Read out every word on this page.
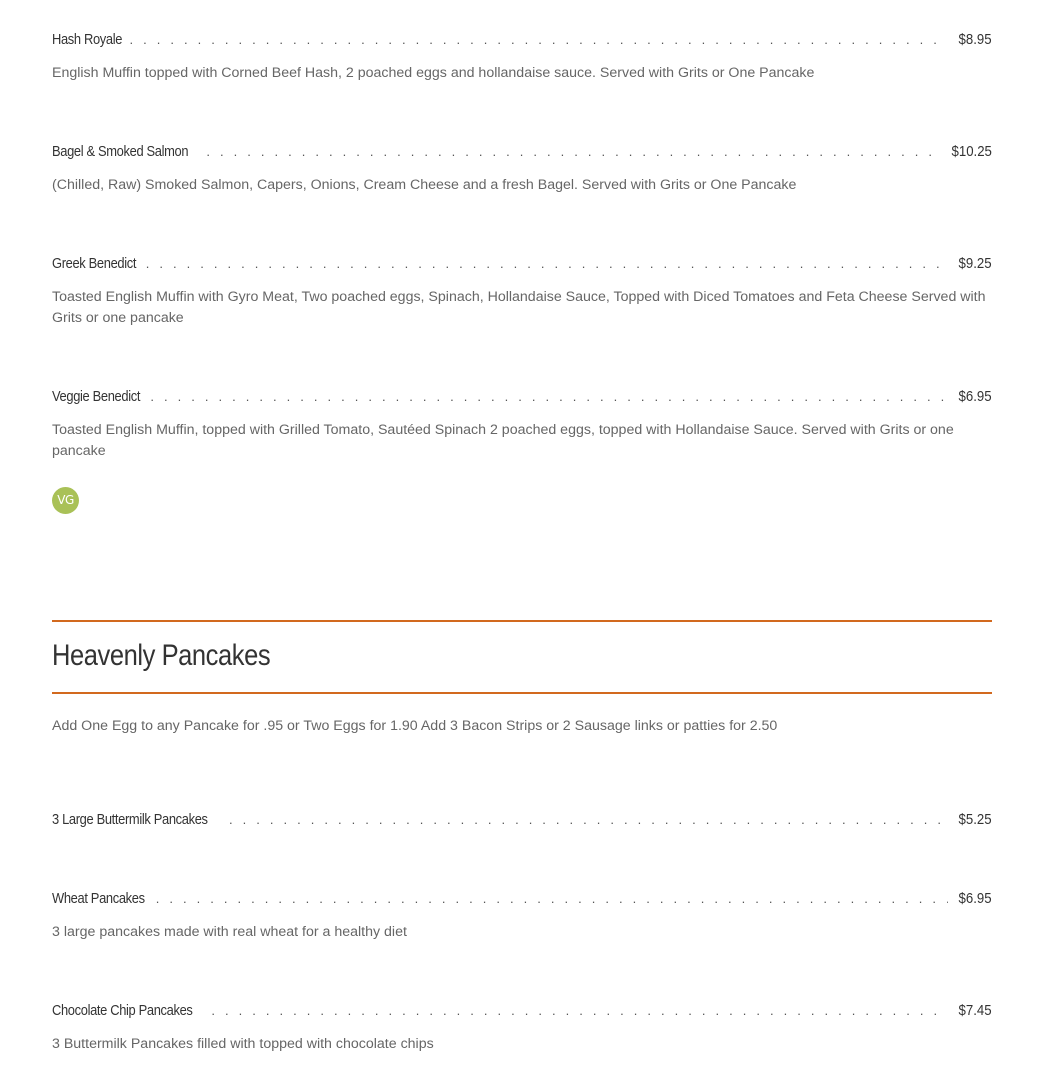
Hash Royale . . .	$8.95
English Muffin topped with Corned Beef Hash, 2 poached eggs and hollandaise sauce. Served with Grits or One Pancake
Bagel & Smoked Salmon . . .	$10.25
(Chilled, Raw) Smoked Salmon, Capers, Onions, Cream Cheese and a fresh Bagel. Served with Grits or One Pancake
Greek Benedict . . .	$9.25
Toasted English Muffin with Gyro Meat, Two poached eggs, Spinach, Hollandaise Sauce, Topped with Diced Tomatoes and Feta Cheese Served with Grits or one pancake
Veggie Benedict . . .	$6.95
Toasted English Muffin, topped with Grilled Tomato, Sautéed Spinach 2 poached eggs, topped with Hollandaise Sauce. Served with Grits or one pancake
VG
Heavenly Pancakes
Add One Egg to any Pancake for .95 or Two Eggs for 1.90 Add 3 Bacon Strips or 2 Sausage links or patties for 2.50
3 Large Buttermilk Pancakes . . .	$5.25
Wheat Pancakes . . .	$6.95
3 large pancakes made with real wheat for a healthy diet
Chocolate Chip Pancakes . . .	$7.45
3 Buttermilk Pancakes filled with topped with chocolate chips
